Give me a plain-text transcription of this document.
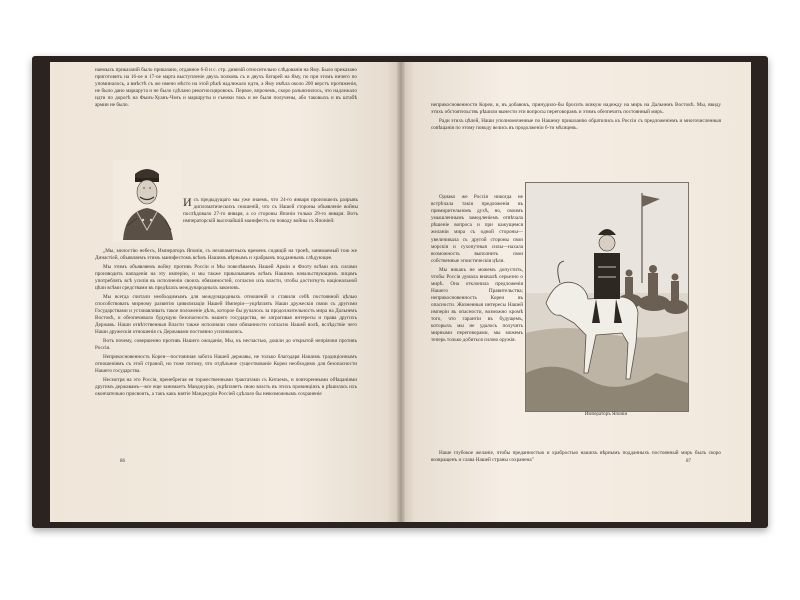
иаемыхъ приказаній было приказано, отданное 6-й и с. стр. дивизій относительно слѣдованія на Яму. Было приказано приготовить на 16-ое и 17-ое марта выступленіе двухъ полковъ съ и двухъ батарей на Яму, по при этомъ ничего по упоминалось, а вмѣстѣ съ же имено мѣсто на этой рѣкѣ надлежало идти, а Яму имѣла около 200 верстъ протяженія, не было дано маршрута и не было сдѣлано рекогносцировокъ. Первое, впрочемъ, скоро разъяснилось, что надлежало идти по дорогѣ на Фынъ-Хуанъ-Чэнъ и маршруты и съемки такъ и не были получены, або таковыхъ и въ штабѣ армии не было.

И съ предыдущаго мы уже знаемъ, что 24-го января произошелъ разрывъ дипломатическихъ сношеній, что съ Нашей стороны объявленіе войны послѣдовало 27-го января, а со стороны Японіи только 29-го января. Вотъ императорскій высочайшій манифестъ по поводу войны съ Японіей:

„Мы, милостію небесъ, Императоръ Японіи, съ незапамятныхъ временъ сидящій на тронѣ, занимаемый тою же Династіей, объявляемъ этимъ манифестомъ всѣмъ Нашимъ вѣрнымъ и храбрымъ подданнымъ слѣдующее.

Мы этимъ объявляемъ войну противъ Россіи и Мы повелѣваемъ Нашей Арміи и Флоту всѣми ихъ силами производить нападенія на эту имперію, и мы также приказываемъ всѣмъ Нашимъ начальствующимъ лицамъ употреблять всѣ усилія въ исполненіи своихъ обязанностей, согласно ихъ власти, чтобы достигнуть національной цѣли всѣми средствами въ предѣлахъ международныхъ законовъ.

Мы всегда считали необходимымъ для международныхъ отношеній и ставили себѣ постоянной цѣлью способствовать мирному развитію цивилизаціи Нашей Имперіи—укрѣплять Наши дружескія связи съ другими Государствами и устанавливать такое положеніе дѣлъ, которое бы ручалось за продолжительность мира на Дальнемъ Востокѣ, и обезпечивало будущую безопасность нашего государства, не затрагивая интересы и права другихъ Державъ. Наши отвѣтственныя Власти также исполняли свои обязанности согласно Нашей волѣ, вслѣдствіе чего Наши дружескія отношенія съ Державами постоянно усиливались.

Вотъ почему, совершенно противъ Нашего ожиданія, Мы, къ несчастью, дошли до открытой непріязни противъ Россіи.

Неприкосновенность Кореи—постоянная забота Нашей державы, не только благодаря Нашимъ традиціоннымъ отношеніямъ съ этой страной, но тоже потому, что отдѣльное существованіе Кореи необходимо для безопасности Нашего государства.

Несмотря на это Россія, пренебрегая ея торжественными трактатами съ Китаемъ, и повторенными обѣщаніями другимъ державамъ—все еще занимаетъ Манджурію, укрѣпляетъ свою власть въ этихъ провинціяхъ и рѣшилась ихъ окончательно присвоить, а такъ какъ взятіе Манджуріи Россіей сдѣлало бы невозможнымъ сохраненіе

86

неприкосновенности Кореи, и, въ добавокъ, принудило-бы бросить всякую надежду на миръ на Дальнемъ Востокѣ. Мы, ввиду этихъ обстоятельствъ рѣшили вынести эти вопросы переговорамъ и этимъ обезпечить постоянный миръ.

Ради этихъ цѣлей, Наши уполномоченные по Нашему приказанію обратились къ Россіи съ предложеніемъ и многочисленныя совѣщанія по этому поводу велись въ продолженіи 6-ти мѣсяцевъ.

Однако же Россія никогда не встрѣчала такія предложенія въ примирительномъ духѣ, но, своимъ умышленнымъ замедленіемъ отвѣчала рѣшеніе вопроса и при кажущемся желаніи мира съ одной стороны—увеличивала съ другой стороны свои морскія и сухопутныя силы—нахала возможность выполнить свои собственные эгоистическія цѣли.

Мы никакъ не можемъ допустить, чтобы Россія думала вначалѣ серьезно о мирѣ. Она отклонила предложенія Нашего Правительства; неприкосновенность Кореи въ опасности. Жизненныя интересы Нашей имперіи въ опасности, возможно кромѣ того, что гарантіи въ будущемъ, которыхъ мы не удалось получить мирными переговорами, мы можемъ теперь только добиться силою оружія.

Императоръ Японіи

Наше глубокое желаніе, чтобы преданностью и храбростью нашихъ вѣрнымъ подданныхъ постоянный миръ былъ скоро возвращенъ и слава Нашей страны сохранена"	87
